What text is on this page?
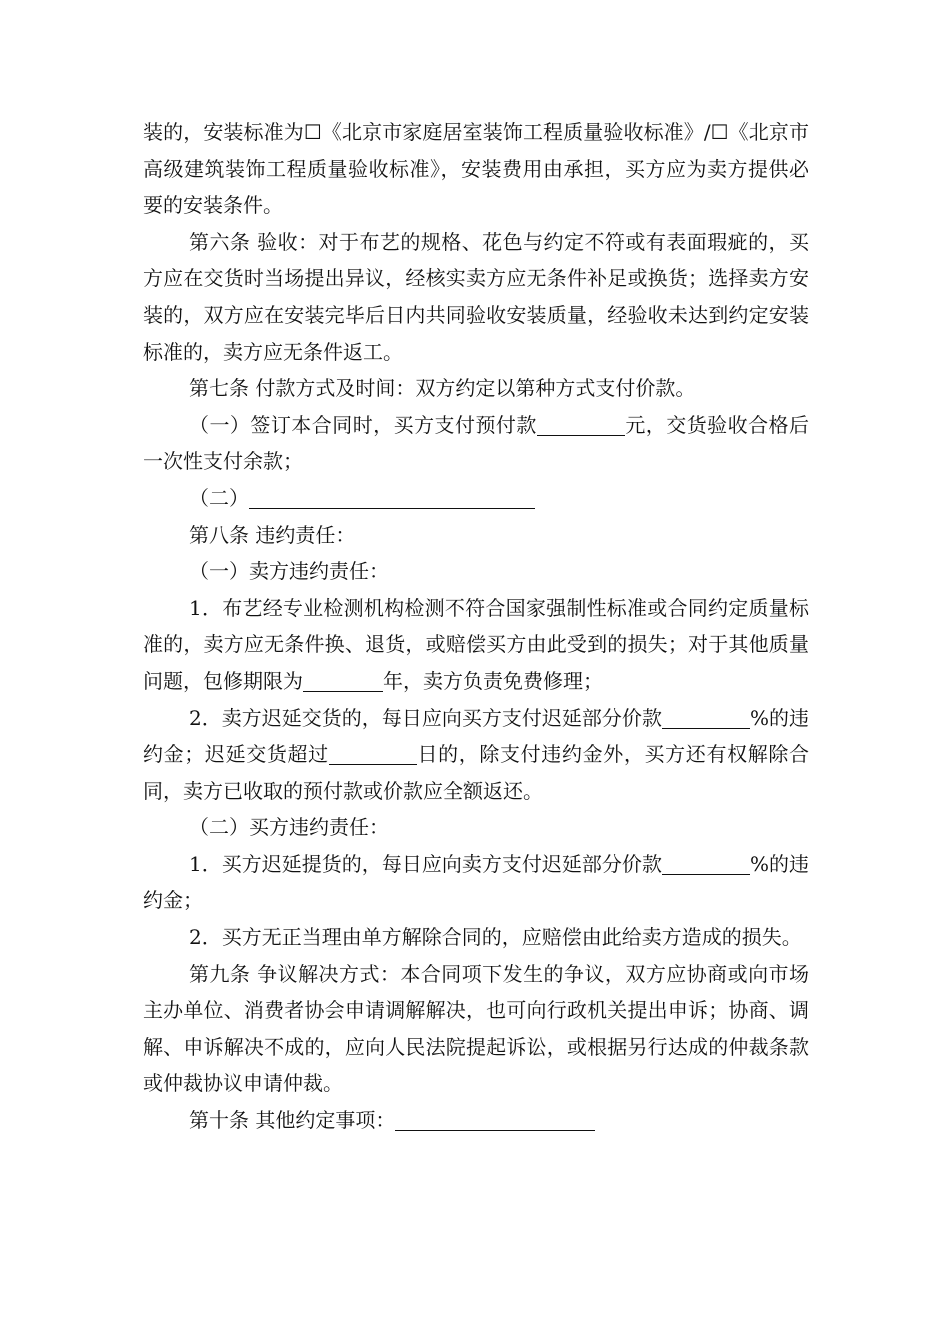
装的，安装标准为☐《北京市家庭居室装饰工程质量验收标准》/☐《北京市高级建筑装饰工程质量验收标准》，安装费用由承担，买方应为卖方提供必要的安装条件。

第六条 验收：对于布艺的规格、花色与约定不符或有表面瑕疵的，买方应在交货时当场提出异议，经核实卖方应无条件补足或换货；选择卖方安装的，双方应在安装完毕后日内共同验收安装质量，经验收未达到约定安装标准的，卖方应无条件返工。

第七条 付款方式及时间：双方约定以第种方式支付价款。

（一）签订本合同时，买方支付预付款	元，交货验收合格后一次性支付余款；

（二）

第八条 违约责任：

（一）卖方违约责任：

1．布艺经专业检测机构检测不符合国家强制性标准或合同约定质量标准的，卖方应无条件换、退货，或赔偿买方由此受到的损失；对于其他质量问题，包修期限为	年，卖方负责免费修理；

2．卖方迟延交货的，每日应向买方支付迟延部分价款	%的违约金；迟延交货超过	日的，除支付违约金外，买方还有权解除合同，卖方已收取的预付款或价款应全额返还。

（二）买方违约责任：

1．买方迟延提货的，每日应向卖方支付迟延部分价款	%的违约金；

2．买方无正当理由单方解除合同的，应赔偿由此给卖方造成的损失。

第九条 争议解决方式：本合同项下发生的争议，双方应协商或向市场主办单位、消费者协会申请调解解决，也可向行政机关提出申诉；协商、调解、申诉解决不成的，应向人民法院提起诉讼，或根据另行达成的仲裁条款或仲裁协议申请仲裁。

第十条 其他约定事项：
